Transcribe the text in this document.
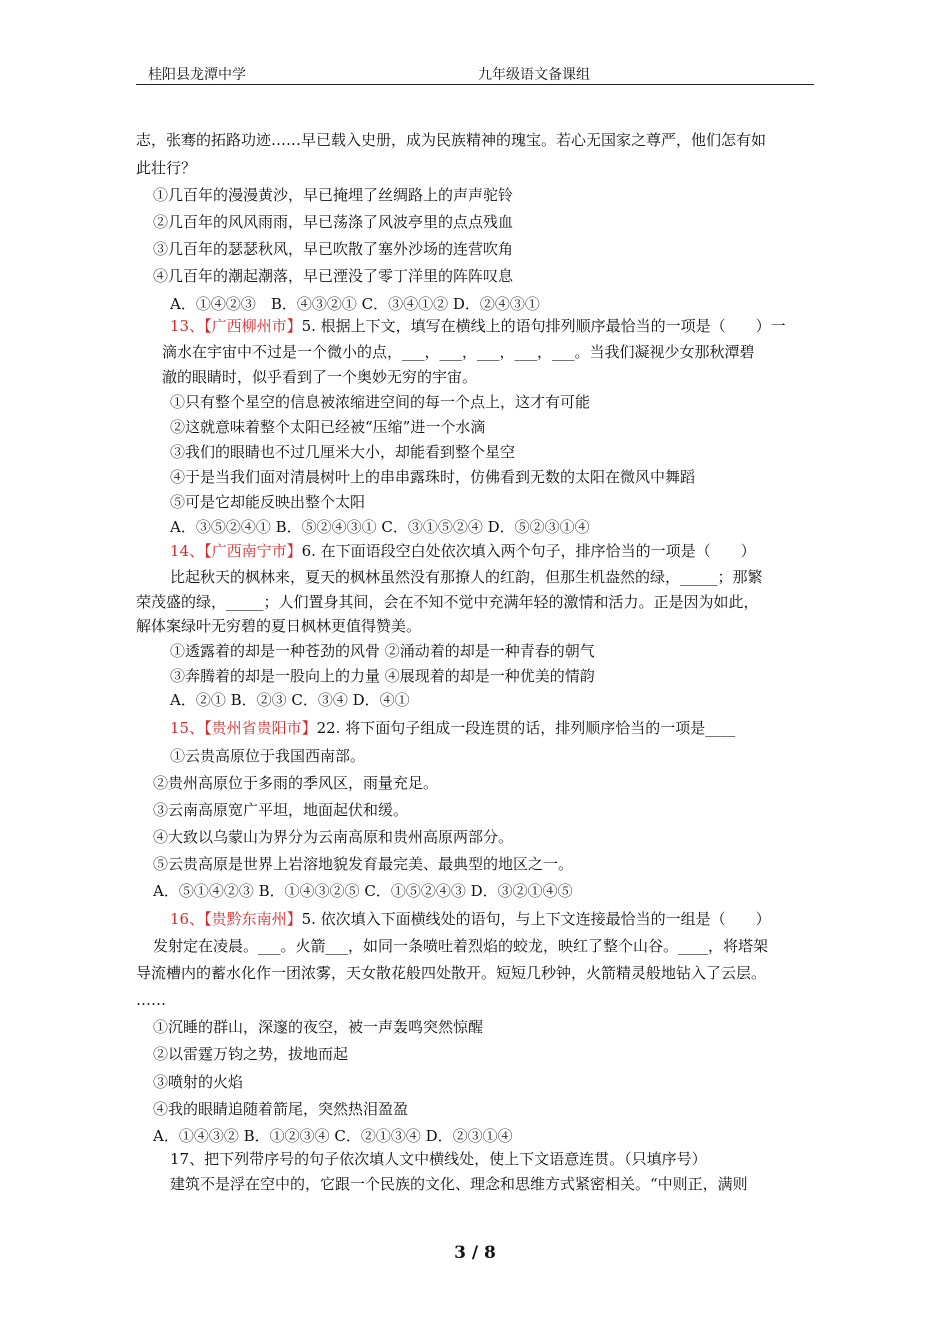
桂阳县龙潭中学	九年级语文备课组
志，张骞的拓路功迹……早已载入史册，成为民族精神的瑰宝。若心无国家之尊严，他们怎有如
此壮行？
①几百年的漫漫黄沙，早已掩埋了丝绸路上的声声驼铃
②几百年的风风雨雨，早已荡涤了风波亭里的点点残血
③几百年的瑟瑟秋风，早已吹散了塞外沙场的连营吹角
④几百年的潮起潮落，早已湮没了零丁洋里的阵阵叹息
A．①④②③　B．④③②① C．③④①② D．②④③①
13、【广西柳州市】5. 根据上下文，填写在横线上的语句排列顺序最恰当的一项是（　　）一
滴水在宇宙中不过是一个微小的点，___，___，___，___，___。当我们凝视少女那秋潭碧
澈的眼睛时，似乎看到了一个奥妙无穷的宇宙。
①只有整个星空的信息被浓缩进空间的每一个点上，这才有可能
②这就意味着整个太阳已经被“压缩”进一个水滴
③我们的眼睛也不过几厘米大小，却能看到整个星空
④于是当我们面对清晨树叶上的串串露珠时，仿佛看到无数的太阳在微风中舞蹈
⑤可是它却能反映出整个太阳
A．③⑤②④① B．⑤②④③① C．③①⑤②④ D．⑤②③①④
14、【广西南宁市】6. 在下面语段空白处依次填入两个句子，排序恰当的一项是（　　）
比起秋天的枫林来，夏天的枫林虽然没有那撩人的红韵，但那生机盎然的绿，_____；那繁
荣茂盛的绿，_____；人们置身其间，会在不知不觉中充满年轻的激情和活力。正是因为如此，
解体案绿叶无穷碧的夏日枫林更值得赞美。
①透露着的却是一种苍劲的风骨 ②涌动着的却是一种青春的朝气
③奔腾着的却是一股向上的力量 ④展现着的却是一种优美的情韵
A．②① B．②③ C．③④ D．④①
15、【贵州省贵阳市】22. 将下面句子组成一段连贯的话，排列顺序恰当的一项是____
①云贵高原位于我国西南部。
②贵州高原位于多雨的季风区，雨量充足。
③云南高原宽广平坦，地面起伏和缓。
④大致以乌蒙山为界分为云南高原和贵州高原两部分。
⑤云贵高原是世界上岩溶地貌发育最完美、最典型的地区之一。
A．⑤①④②③ B．①④③②⑤ C．①⑤②④③ D．③②①④⑤
16、【贵黔东南州】5. 依次填入下面横线处的语句，与上下文连接最恰当的一组是（　　）
发射定在凌晨。___。火箭___，如同一条喷吐着烈焰的蛟龙，映红了整个山谷。____，将塔架
导流槽内的蓄水化作一团浓雾，天女散花般四处散开。短短几秒钟，火箭精灵般地钻入了云层。
……
①沉睡的群山，深邃的夜空，被一声轰鸣突然惊醒
②以雷霆万钧之势，拔地而起
③喷射的火焰
④我的眼睛追随着箭尾，突然热泪盈盈
A．①④③② B．①②③④ C．②①③④ D．②③①④
17、把下列带序号的句子依次填人文中横线处，使上下文语意连贯。（只填序号）
建筑不是浮在空中的，它跟一个民族的文化、理念和思维方式紧密相关。“中则正，满则
3 / 8
